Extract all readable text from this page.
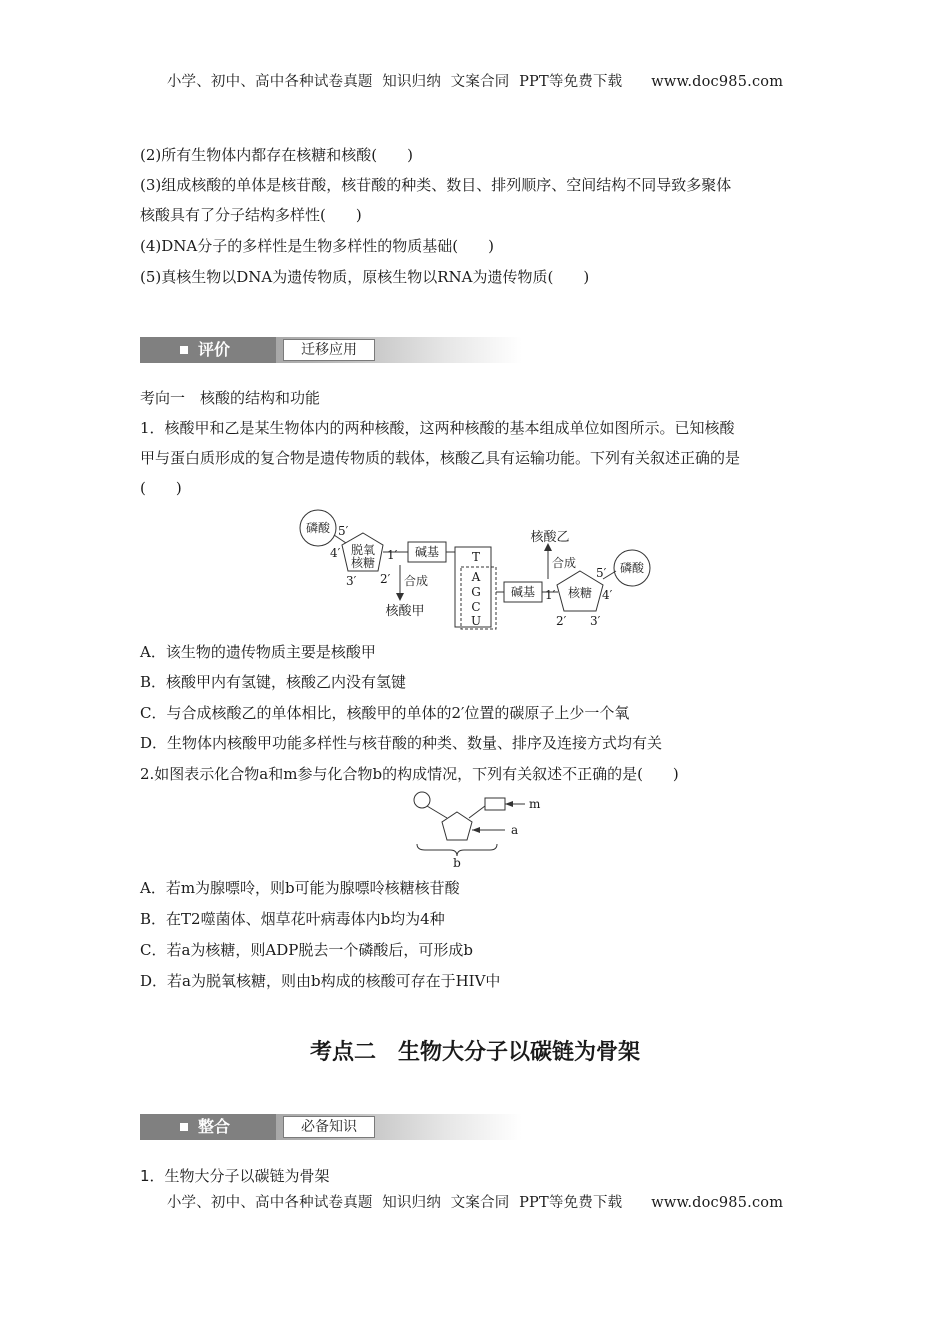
小学、初中、高中各种试卷真题  知识归纳  文案合同  PPT等免费下载      www.doc985.com
(2)所有生物体内都存在核糖和核酸(　　)
(3)组成核酸的单体是核苷酸，核苷酸的种类、数目、排列顺序、空间结构不同导致多聚体
核酸具有了分子结构多样性(　　)
(4)DNA分子的多样性是生物多样性的物质基础(　　)
(5)真核生物以DNA为遗传物质，原核生物以RNA为遗传物质(　　)
评价	迁移应用
考向一　核酸的结构和功能
1．核酸甲和乙是某生物体内的两种核酸，这两种核酸的基本组成单位如图所示。已知核酸
甲与蛋白质形成的复合物是遗传物质的载体，核酸乙具有运输功能。下列有关叙述正确的是
(　　)
磷酸 5′
4′
3′ 2′
1′
脱氧
核糖
碱基
合成
核酸甲
T
A
G
C
U
碱基
合成
核酸乙
核糖
1′
2′ 3′
4′
5′ 磷酸
A．该生物的遗传物质主要是核酸甲
B．核酸甲内有氢键，核酸乙内没有氢键
C．与合成核酸乙的单体相比，核酸甲的单体的2′位置的碳原子上少一个氧
D．生物体内核酸甲功能多样性与核苷酸的种类、数量、排序及连接方式均有关
2.如图表示化合物a和m参与化合物b的构成情况，下列有关叙述不正确的是(　　)
m
a
b
A．若m为腺嘌呤，则b可能为腺嘌呤核糖核苷酸
B．在T2噬菌体、烟草花叶病毒体内b均为4种
C．若a为核糖，则ADP脱去一个磷酸后，可形成b
D．若a为脱氧核糖，则由b构成的核酸可存在于HIV中
考点二　生物大分子以碳链为骨架
整合	必备知识
1．生物大分子以碳链为骨架
小学、初中、高中各种试卷真题  知识归纳  文案合同  PPT等免费下载      www.doc985.com
